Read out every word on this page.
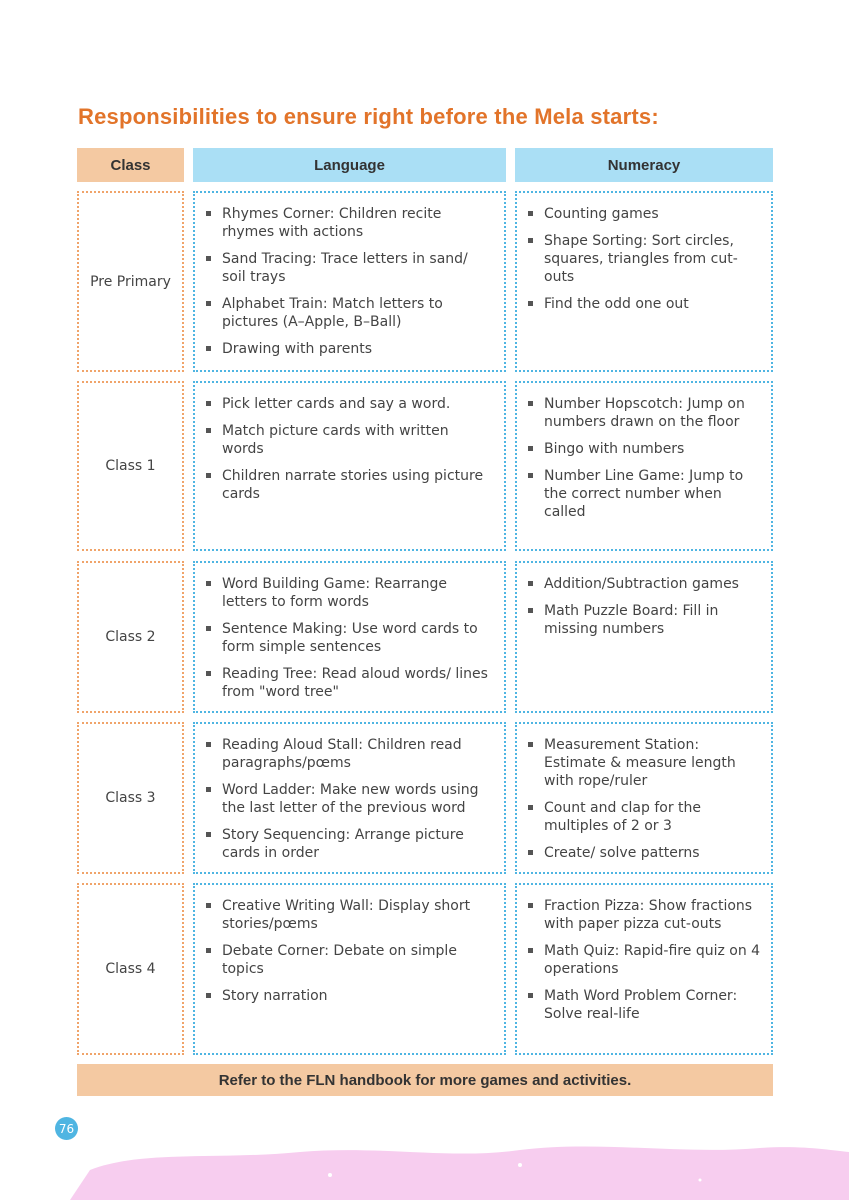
Responsibilities to ensure right before the Mela starts:
Class	Language	Numeracy
Pre Primary
Rhymes Corner: Children recite rhymes with actions
Sand Tracing: Trace letters in sand/ soil trays
Alphabet Train: Match letters to pictures (A–Apple, B–Ball)
Drawing with parents
Counting games
Shape Sorting: Sort circles, squares, triangles from cut-outs
Find the odd one out
Class 1
Pick letter cards and say a word.
Match picture cards with written words
Children narrate stories using picture cards
Number Hopscotch: Jump on numbers drawn on the floor
Bingo with numbers
Number Line Game: Jump to the correct number when called
Class 2
Word Building Game: Rearrange letters to form words
Sentence Making: Use word cards to form simple sentences
Reading Tree: Read aloud words/ lines from "word tree"
Addition/Subtraction games
Math Puzzle Board: Fill in missing numbers
Class 3
Reading Aloud Stall: Children read paragraphs/pœms
Word Ladder: Make new words using the last letter of the previous word
Story Sequencing: Arrange picture cards in order
Measurement Station: Estimate & measure length with rope/ruler
Count and clap for the multiples of 2 or 3
Create/ solve patterns
Class 4
Creative Writing Wall: Display short stories/pœms
Debate Corner: Debate on simple topics
Story narration
Fraction Pizza: Show fractions with paper pizza cut-outs
Math Quiz: Rapid-fire quiz on 4 operations
Math Word Problem Corner: Solve real-life
Refer to the FLN handbook for more games and activities.
76
